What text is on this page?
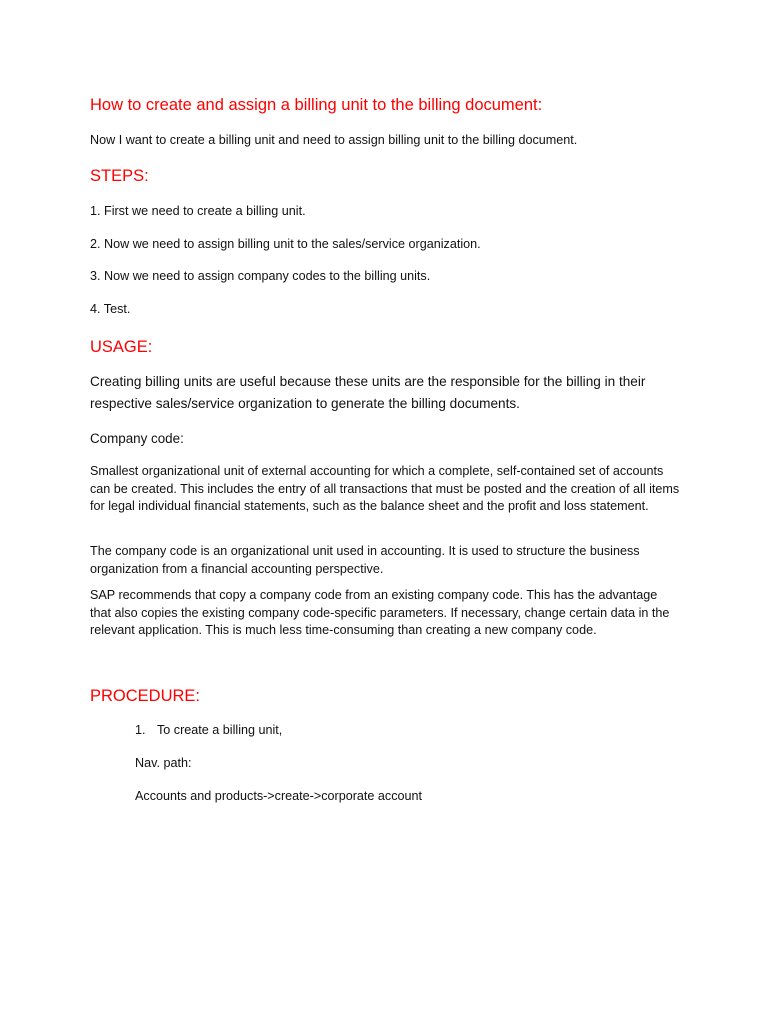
How to create and assign a billing unit to the billing document:
Now I want to create a billing unit and need to assign billing unit to the billing document.
STEPS:
1. First we need to create a billing unit.
2. Now we need to assign billing unit to the sales/service organization.
3. Now we need to assign company codes to the billing units.
4. Test.
USAGE:
Creating billing units are useful because these units are the responsible for the billing in their respective sales/service organization to generate the billing documents.
Company code:
Smallest organizational unit of external accounting for which a complete, self-contained set of accounts can be created. This includes the entry of all transactions that must be posted and the creation of all items for legal individual financial statements, such as the balance sheet and the profit and loss statement.
The company code is an organizational unit used in accounting. It is used to structure the business organization from a financial accounting perspective.
SAP recommends that copy a company code from an existing company code. This has the advantage that also copies the existing company code-specific parameters. If necessary, change certain data in the relevant application. This is much less time-consuming than creating a new company code.
PROCEDURE:
1. To create a billing unit,
Nav. path:
Accounts and products->create->corporate account
